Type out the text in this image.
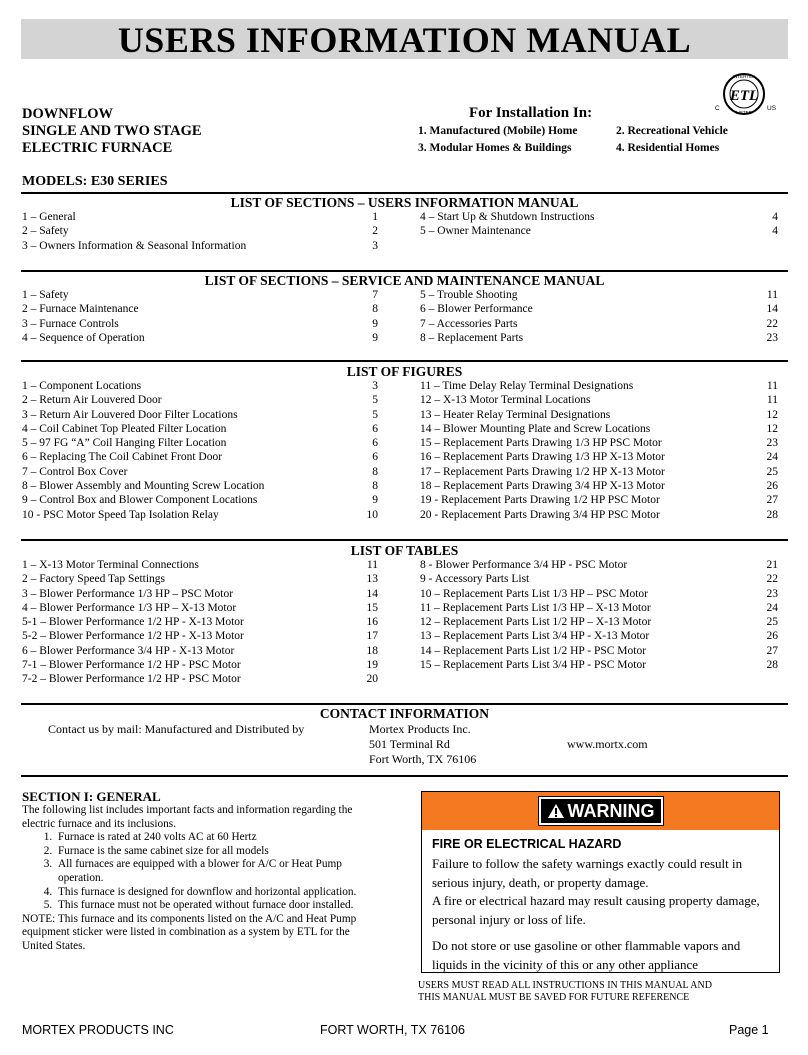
USERS INFORMATION MANUAL
DOWNFLOW
SINGLE AND TWO STAGE
ELECTRIC FURNACE
For Installation In:
1. Manufactured (Mobile) Home	2. Recreational Vehicle
3. Modular Homes & Buildings	4. Residential Homes
INTERTEK
LISTED
ETL
C	US
MODELS: E30 SERIES
LIST OF SECTIONS – USERS INFORMATION MANUAL
1 – General	1
2 – Safety	2
3 – Owners Information & Seasonal Information	3
4 – Start Up & Shutdown Instructions	4
5 – Owner Maintenance	4
LIST OF SECTIONS – SERVICE AND MAINTENANCE MANUAL
1 – Safety	7
2 – Furnace Maintenance	8
3 – Furnace Controls	9
4 – Sequence of Operation	9
5 – Trouble Shooting	11
6 – Blower Performance	14
7 – Accessories Parts	22
8 – Replacement Parts	23
LIST OF FIGURES
1 – Component Locations	3
2 – Return Air Louvered Door	5
3 – Return Air Louvered Door Filter Locations	5
4 – Coil Cabinet Top Pleated Filter Location	6
5 – 97 FG “A” Coil Hanging Filter Location	6
6 – Replacing The Coil Cabinet Front Door	6
7 – Control Box Cover	8
8 – Blower Assembly and Mounting Screw Location	8
9 – Control Box and Blower Component Locations	9
10 - PSC Motor Speed Tap Isolation Relay	10
11 – Time Delay Relay Terminal Designations	11
12 – X-13 Motor Terminal Locations	11
13 – Heater Relay Terminal Designations	12
14 – Blower Mounting Plate and Screw Locations	12
15 – Replacement Parts Drawing 1/3 HP PSC Motor	23
16 – Replacement Parts Drawing 1/3 HP X-13 Motor	24
17 – Replacement Parts Drawing 1/2 HP X-13 Motor	25
18 – Replacement Parts Drawing 3/4 HP X-13 Motor	26
19 - Replacement Parts Drawing 1/2 HP PSC Motor	27
20 - Replacement Parts Drawing 3/4 HP PSC Motor	28
LIST OF TABLES
1 – X-13 Motor Terminal Connections	11
2 – Factory Speed Tap Settings	13
3 – Blower Performance 1/3 HP – PSC Motor	14
4 – Blower Performance 1/3 HP – X-13 Motor	15
5-1 – Blower Performance 1/2 HP - X-13 Motor	16
5-2 – Blower Performance 1/2 HP - X-13 Motor	17
6 – Blower Performance 3/4 HP - X-13 Motor	18
7-1 – Blower Performance 1/2 HP - PSC Motor	19
7-2 – Blower Performance 1/2 HP - PSC Motor	20
8 - Blower Performance 3/4 HP - PSC Motor	21
9 - Accessory Parts List	22
10 – Replacement Parts List 1/3 HP – PSC Motor	23
11 – Replacement Parts List 1/3 HP – X-13 Motor	24
12 – Replacement Parts List 1/2 HP – X-13 Motor	25
13 – Replacement Parts List 3/4 HP - X-13 Motor	26
14 – Replacement Parts List 1/2 HP - PSC Motor	27
15 – Replacement Parts List 3/4 HP - PSC Motor	28
CONTACT INFORMATION
Contact us by mail: Manufactured and Distributed by	Mortex Products Inc.
501 Terminal Rd
Fort Worth, TX 76106
www.mortx.com
SECTION I: GENERAL
The following list includes important facts and information regarding the electric furnace and its inclusions.
1. Furnace is rated at 240 volts AC at 60 Hertz
2. Furnace is the same cabinet size for all models
3. All furnaces are equipped with a blower for A/C or Heat Pump operation.
4. This furnace is designed for downflow and horizontal application.
5. This furnace must not be operated without furnace door installed.
NOTE: This furnace and its components listed on the A/C and Heat Pump equipment sticker were listed in combination as a system by ETL for the United States.
WARNING
FIRE OR ELECTRICAL HAZARD
Failure to follow the safety warnings exactly could result in serious injury, death, or property damage.
A fire or electrical hazard may result causing property damage, personal injury or loss of life.
Do not store or use gasoline or other flammable vapors and liquids in the vicinity of this or any other appliance
USERS MUST READ ALL INSTRUCTIONS IN THIS MANUAL AND
THIS MANUAL MUST BE SAVED FOR FUTURE REFERENCE
MORTEX PRODUCTS INC	FORT WORTH, TX 76106	Page 1
